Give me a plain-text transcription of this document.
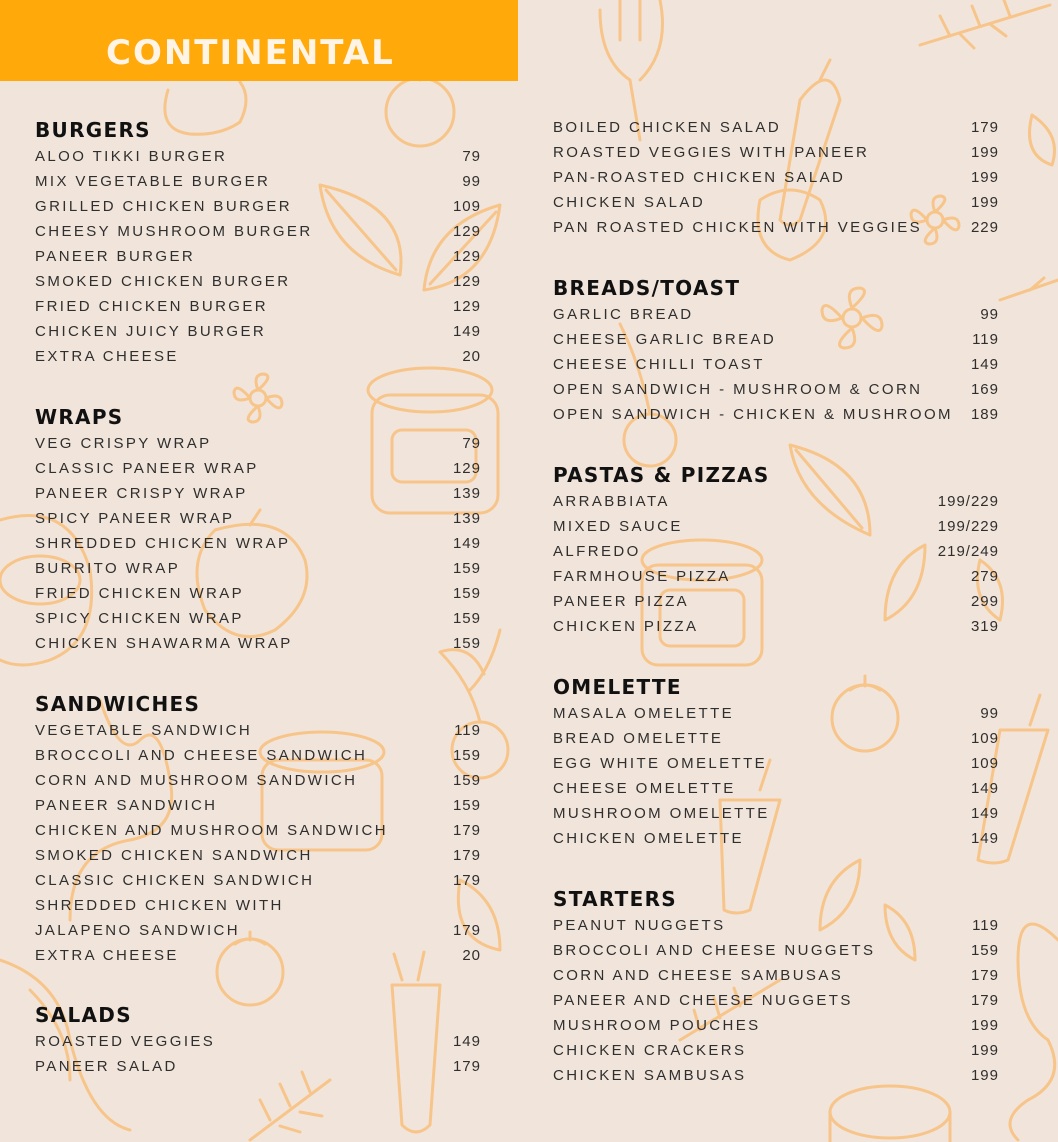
CONTINENTAL
BURGERS
ALOO TIKKI BURGER	79
MIX VEGETABLE BURGER	99
GRILLED CHICKEN BURGER	109
CHEESY MUSHROOM BURGER	129
PANEER BURGER	129
SMOKED CHICKEN BURGER	129
FRIED CHICKEN BURGER	129
CHICKEN JUICY BURGER	149
EXTRA CHEESE	20
WRAPS
VEG CRISPY WRAP	79
CLASSIC PANEER WRAP	129
PANEER CRISPY WRAP	139
SPICY PANEER WRAP	139
SHREDDED CHICKEN WRAP	149
BURRITO WRAP	159
FRIED CHICKEN WRAP	159
SPICY CHICKEN WRAP	159
CHICKEN SHAWARMA WRAP	159
SANDWICHES
VEGETABLE SANDWICH	119
BROCCOLI AND CHEESE SANDWICH	159
CORN AND MUSHROOM SANDWICH	159
PANEER SANDWICH	159
CHICKEN AND MUSHROOM SANDWICH	179
SMOKED CHICKEN SANDWICH	179
CLASSIC CHICKEN SANDWICH	179
SHREDDED CHICKEN WITH
JALAPENO SANDWICH	179
EXTRA CHEESE	20
SALADS
ROASTED VEGGIES	149
PANEER SALAD	179
BOILED CHICKEN SALAD	179
ROASTED VEGGIES WITH PANEER	199
PAN-ROASTED CHICKEN SALAD	199
CHICKEN SALAD	199
PAN ROASTED CHICKEN WITH VEGGIES	229
BREADS/TOAST
GARLIC BREAD	99
CHEESE GARLIC BREAD	119
CHEESE CHILLI TOAST	149
OPEN SANDWICH - MUSHROOM & CORN	169
OPEN SANDWICH - CHICKEN & MUSHROOM 189
PASTAS & PIZZAS
ARRABBIATA	199/229
MIXED SAUCE	199/229
ALFREDO	219/249
FARMHOUSE PIZZA	279
PANEER PIZZA	299
CHICKEN PIZZA	319
OMELETTE
MASALA OMELETTE	99
BREAD OMELETTE	109
EGG WHITE OMELETTE	109
CHEESE OMELETTE	149
MUSHROOM OMELETTE	149
CHICKEN OMELETTE	149
STARTERS
PEANUT NUGGETS	119
BROCCOLI AND CHEESE NUGGETS	159
CORN AND CHEESE SAMBUSAS	179
PANEER AND CHEESE NUGGETS	179
MUSHROOM POUCHES	199
CHICKEN CRACKERS	199
CHICKEN SAMBUSAS	199
